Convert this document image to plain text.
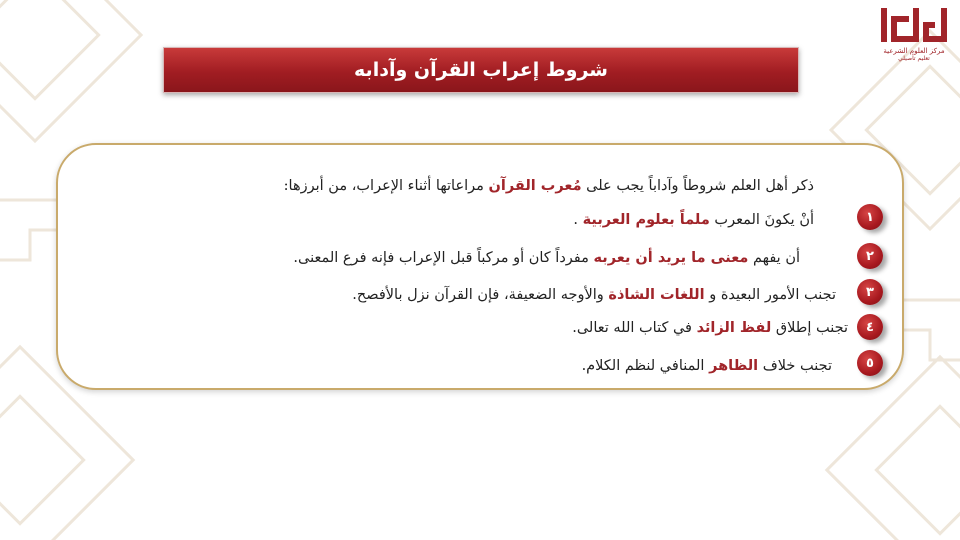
مركز العلوم الشرعية
تعليم تأصيلي
شروط إعراب القرآن وآدابه
ذكر أهل العلم شروطاً وآداباً يجب على مُعرب القرآن مراعاتها أثناء الإعراب، من أبرزها:
١
أنْ يكونَ المعرب ملماً بعلوم العربية .
٢
أن يفهم معنى ما يريد أن يعربه مفرداً كان أو مركباً قبل الإعراب فإنه فرع المعنى.
٣
تجنب الأمور البعيدة و اللغات الشاذة والأوجه الضعيفة، فإن القرآن نزل بالأفصح.
٤
تجنب إطلاق لفظ الزائد في كتاب الله تعالى.
٥
تجنب خلاف الظاهر المنافي لنظم الكلام.
